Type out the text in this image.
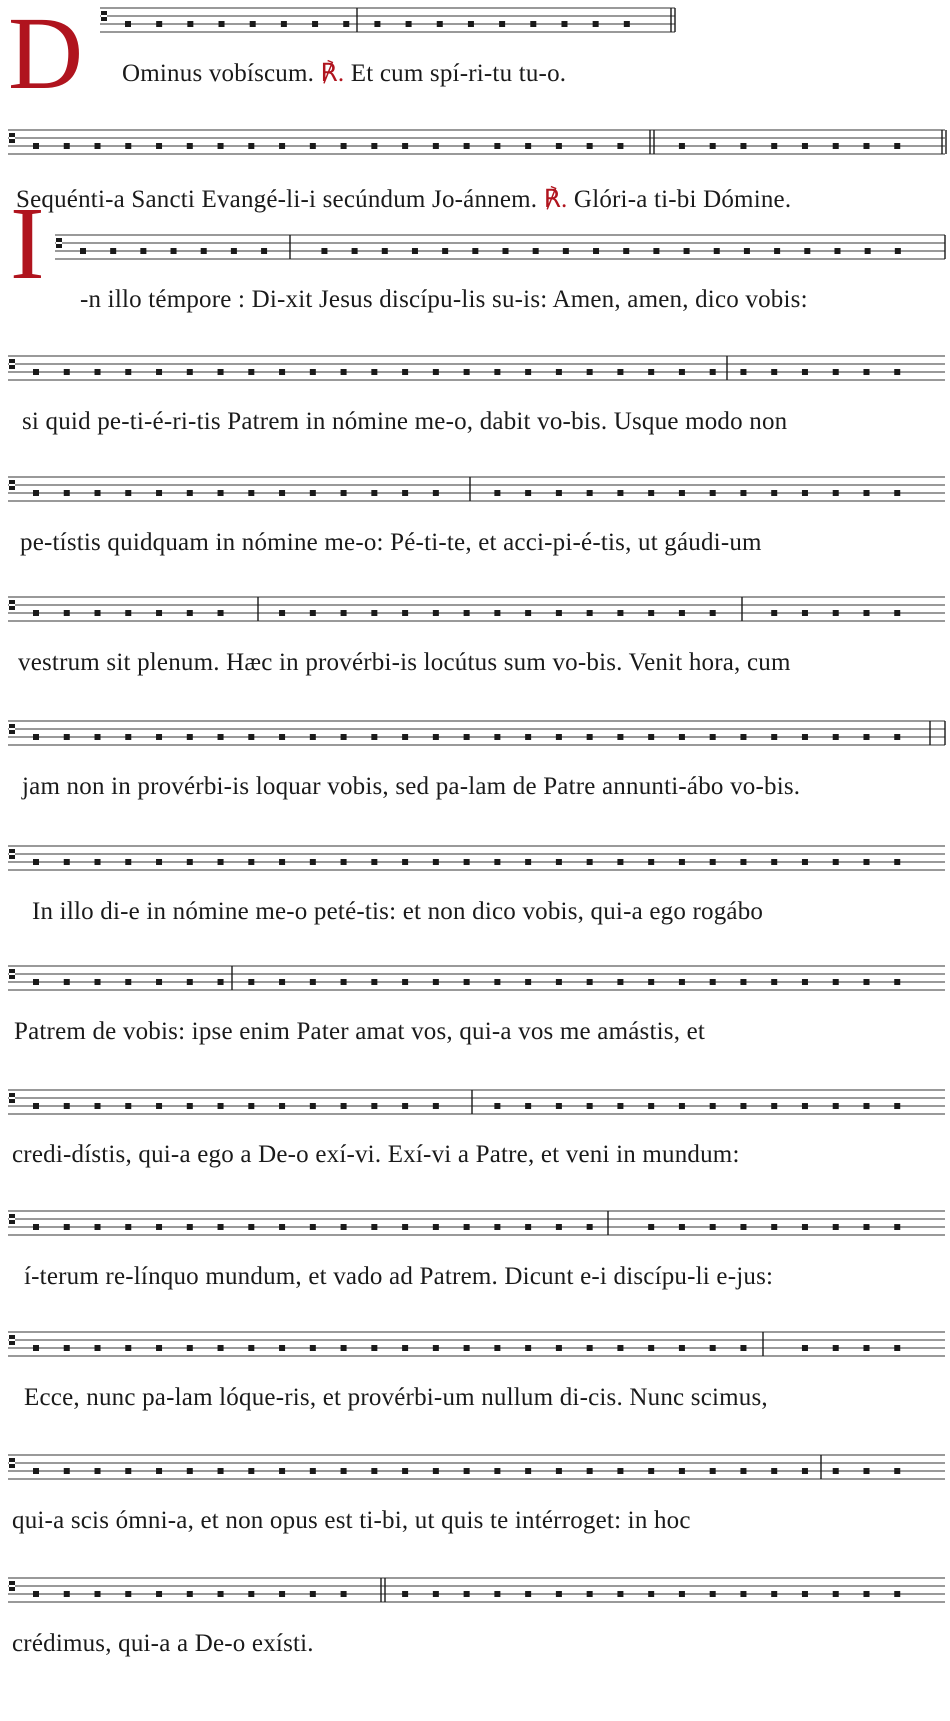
D
I
Ominus vobíscum. ℟. Et cum spí-ri-tu tu-o.
Sequénti-a Sancti Evangé-li-i secúndum Jo-ánnem. ℟. Glóri-a ti-bi Dómine.
-n illo témpore : Di-xit Jesus discípu-lis su-is: Amen, amen, dico vobis:
si quid pe-ti-é-ri-tis Patrem in nómine me-o, dabit vo-bis. Usque modo non
pe-tístis quidquam in nómine me-o: Pé-ti-te, et acci-pi-é-tis, ut gáudi-um
vestrum sit plenum. Hæc in provérbi-is locútus sum vo-bis. Venit hora, cum
jam non in provérbi-is loquar vobis, sed pa-lam de Patre annunti-ábo vo-bis.
In illo di-e in nómine me-o peté-tis: et non dico vobis, qui-a ego rogábo
Patrem de vobis: ipse enim Pater amat vos, qui-a vos me amástis, et
credi-dístis, qui-a ego a De-o exí-vi. Exí-vi a Patre, et veni in mundum:
í-terum re-línquo mundum, et vado ad Patrem. Dicunt e-i discípu-li e-jus:
Ecce, nunc pa-lam lóque-ris, et provérbi-um nullum di-cis. Nunc scimus,
qui-a scis ómni-a, et non opus est ti-bi, ut quis te intérroget: in hoc
crédimus, qui-a a De-o exísti.
